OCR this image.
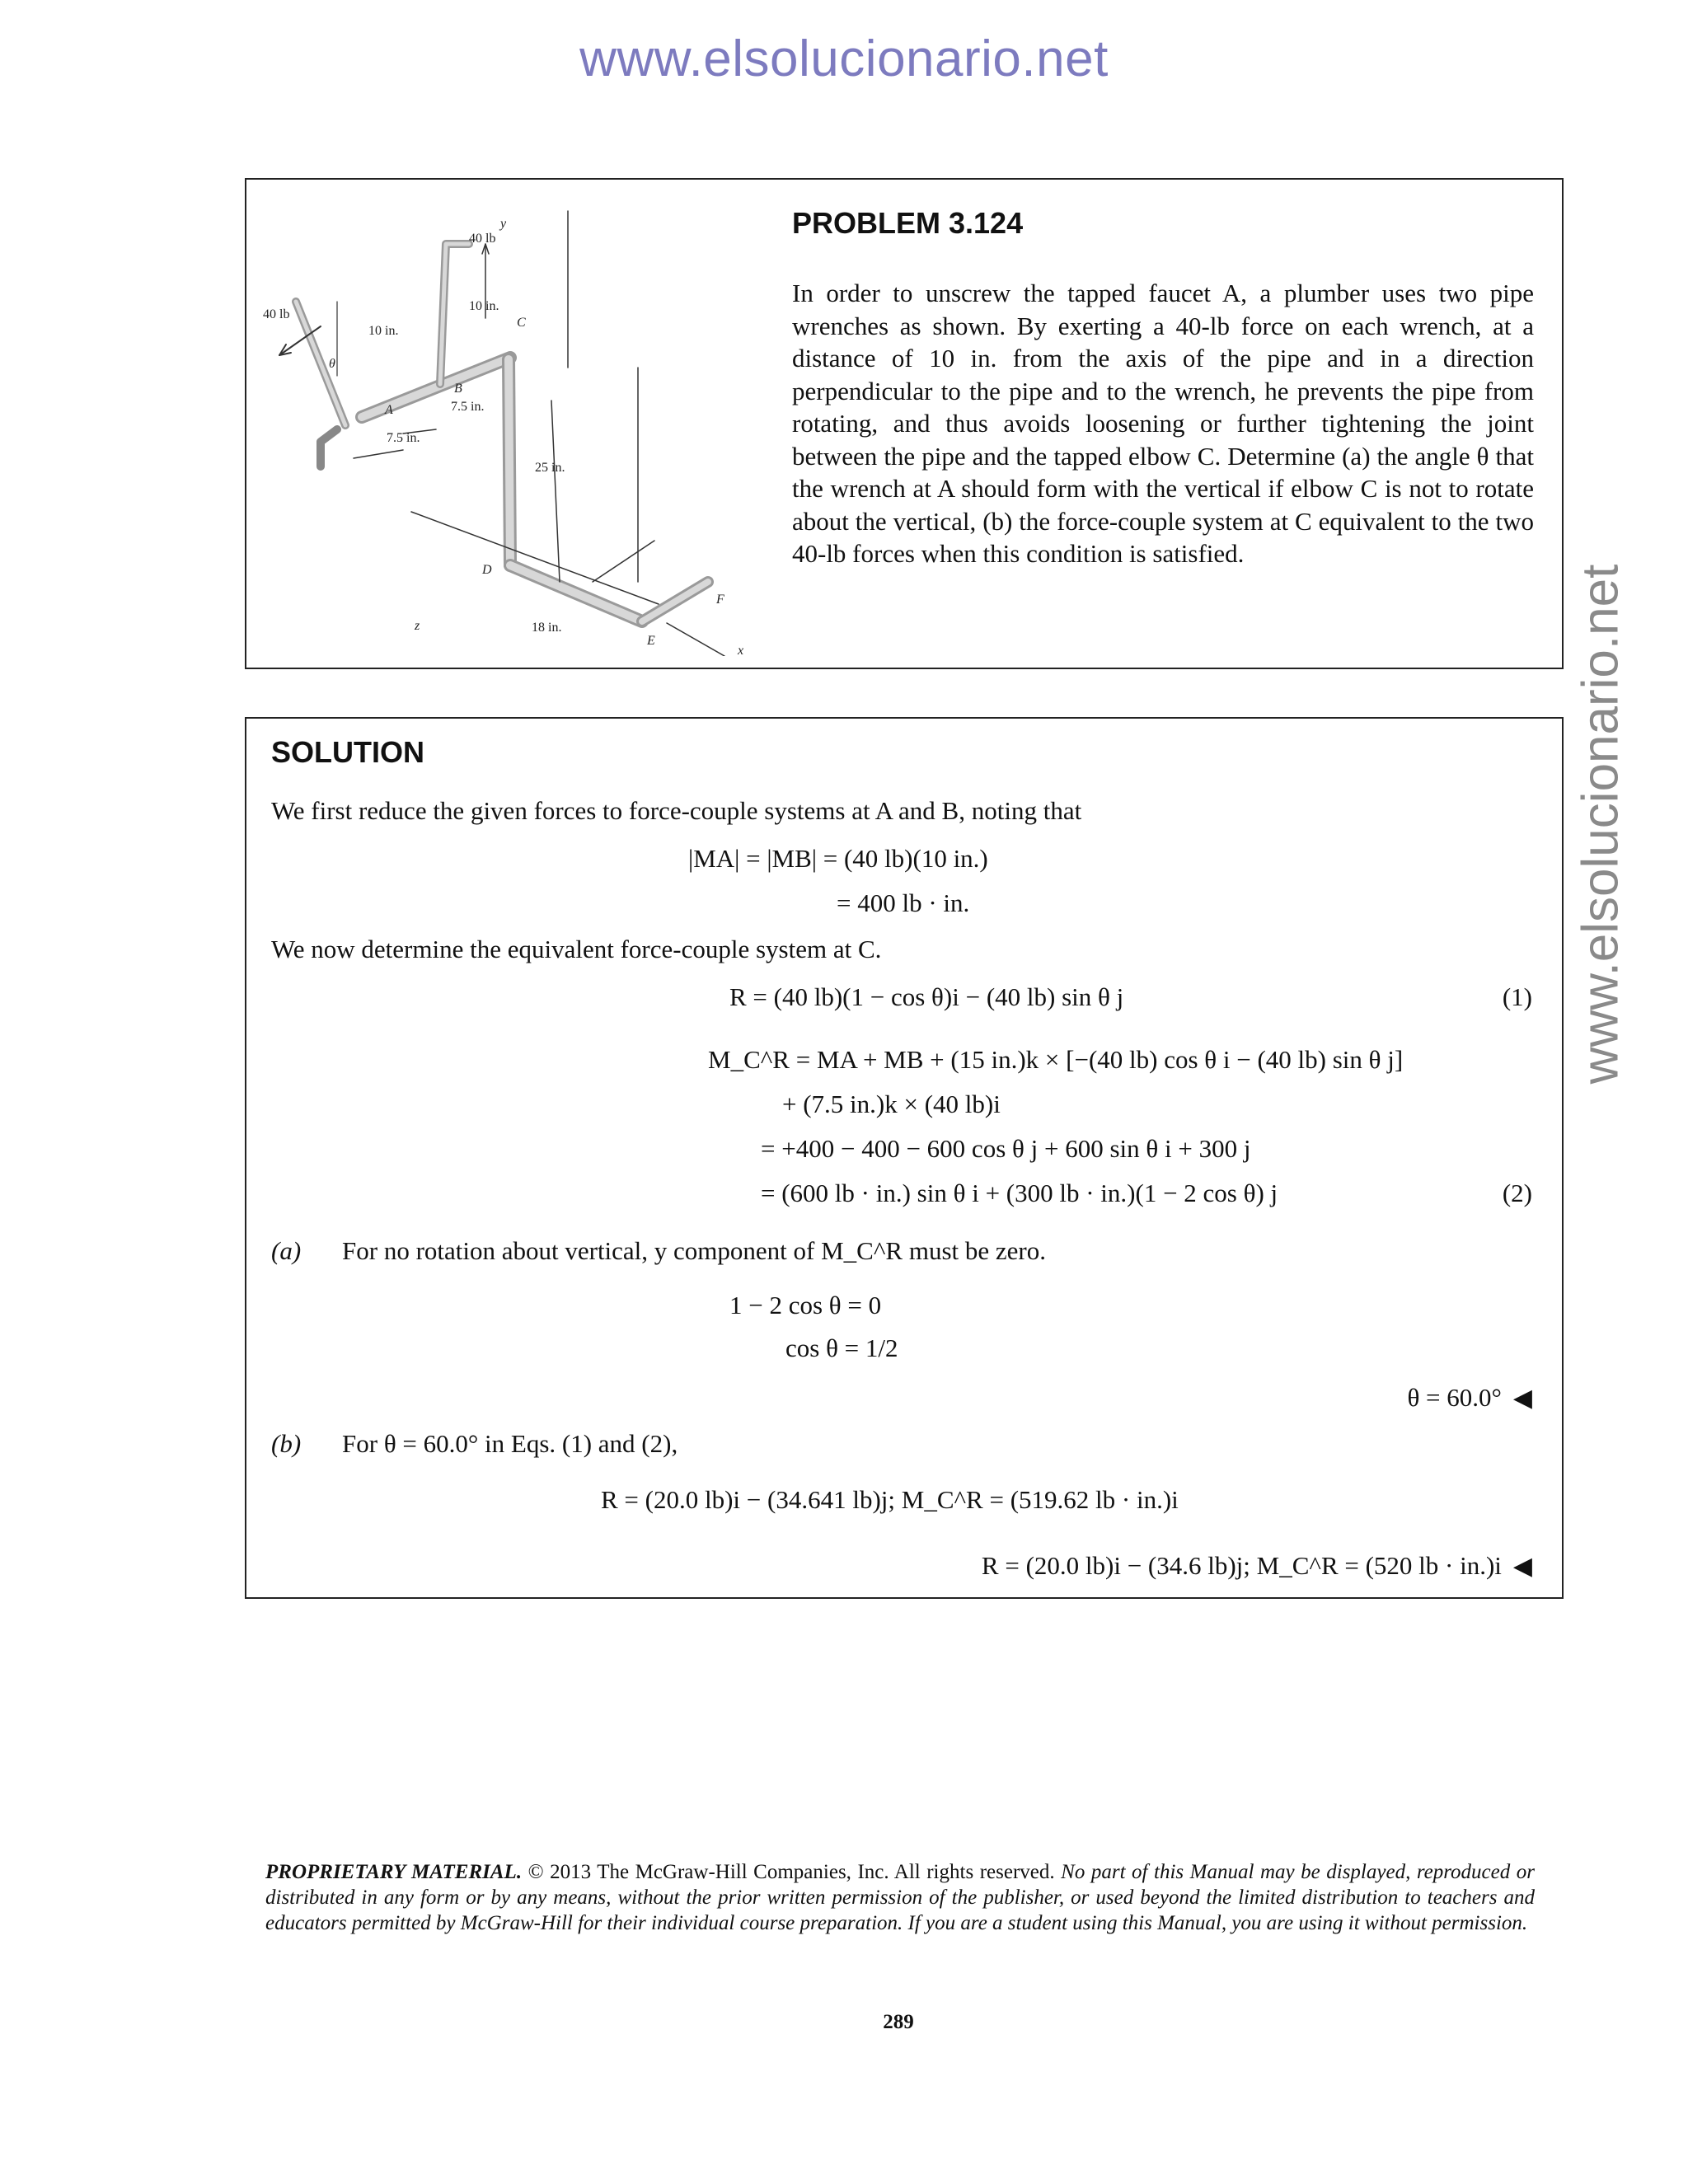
www.elsolucionario.net
www.elsolucionario.net
40 lb
y
40 lb
10 in.
10 in.
C
θ
B
A	7.5 in.
7.5 in.
25 in.
D
z	18 in.
E
F
x
PROBLEM 3.124
In order to unscrew the tapped faucet A, a plumber uses two pipe wrenches as shown. By exerting a 40-lb force on each wrench, at a distance of 10 in. from the axis of the pipe and in a direction perpendicular to the pipe and to the wrench, he prevents the pipe from rotating, and thus avoids loosening or further tightening the joint between the pipe and the tapped elbow C. Determine (a) the angle θ that the wrench at A should form with the vertical if elbow C is not to rotate about the vertical, (b) the force-couple system at C equivalent to the two 40-lb forces when this condition is satisfied.
SOLUTION
We first reduce the given forces to force-couple systems at A and B, noting that
|MA| = |MB| = (40 lb)(10 in.)
= 400 lb · in.
We now determine the equivalent force-couple system at C.
R = (40 lb)(1 − cos θ)i − (40 lb) sin θ j	(1)
M_C^R = MA + MB + (15 in.)k × [−(40 lb) cos θ i − (40 lb) sin θ j]
+ (7.5 in.)k × (40 lb)i
= +400 − 400 − 600 cos θ j + 600 sin θ i + 300 j
= (600 lb · in.) sin θ i + (300 lb · in.)(1 − 2 cos θ) j	(2)
(a) For no rotation about vertical, y component of M_C^R must be zero.
1 − 2 cos θ = 0
cos θ = 1/2
θ = 60.0° ◀
(b) For θ = 60.0° in Eqs. (1) and (2),
R = (20.0 lb)i − (34.641 lb)j; M_C^R = (519.62 lb · in.)i
R = (20.0 lb)i − (34.6 lb)j; M_C^R = (520 lb · in.)i ◀
PROPRIETARY MATERIAL. © 2013 The McGraw-Hill Companies, Inc. All rights reserved. No part of this Manual may be displayed, reproduced or distributed in any form or by any means, without the prior written permission of the publisher, or used beyond the limited distribution to teachers and educators permitted by McGraw-Hill for their individual course preparation. If you are a student using this Manual, you are using it without permission.
289
